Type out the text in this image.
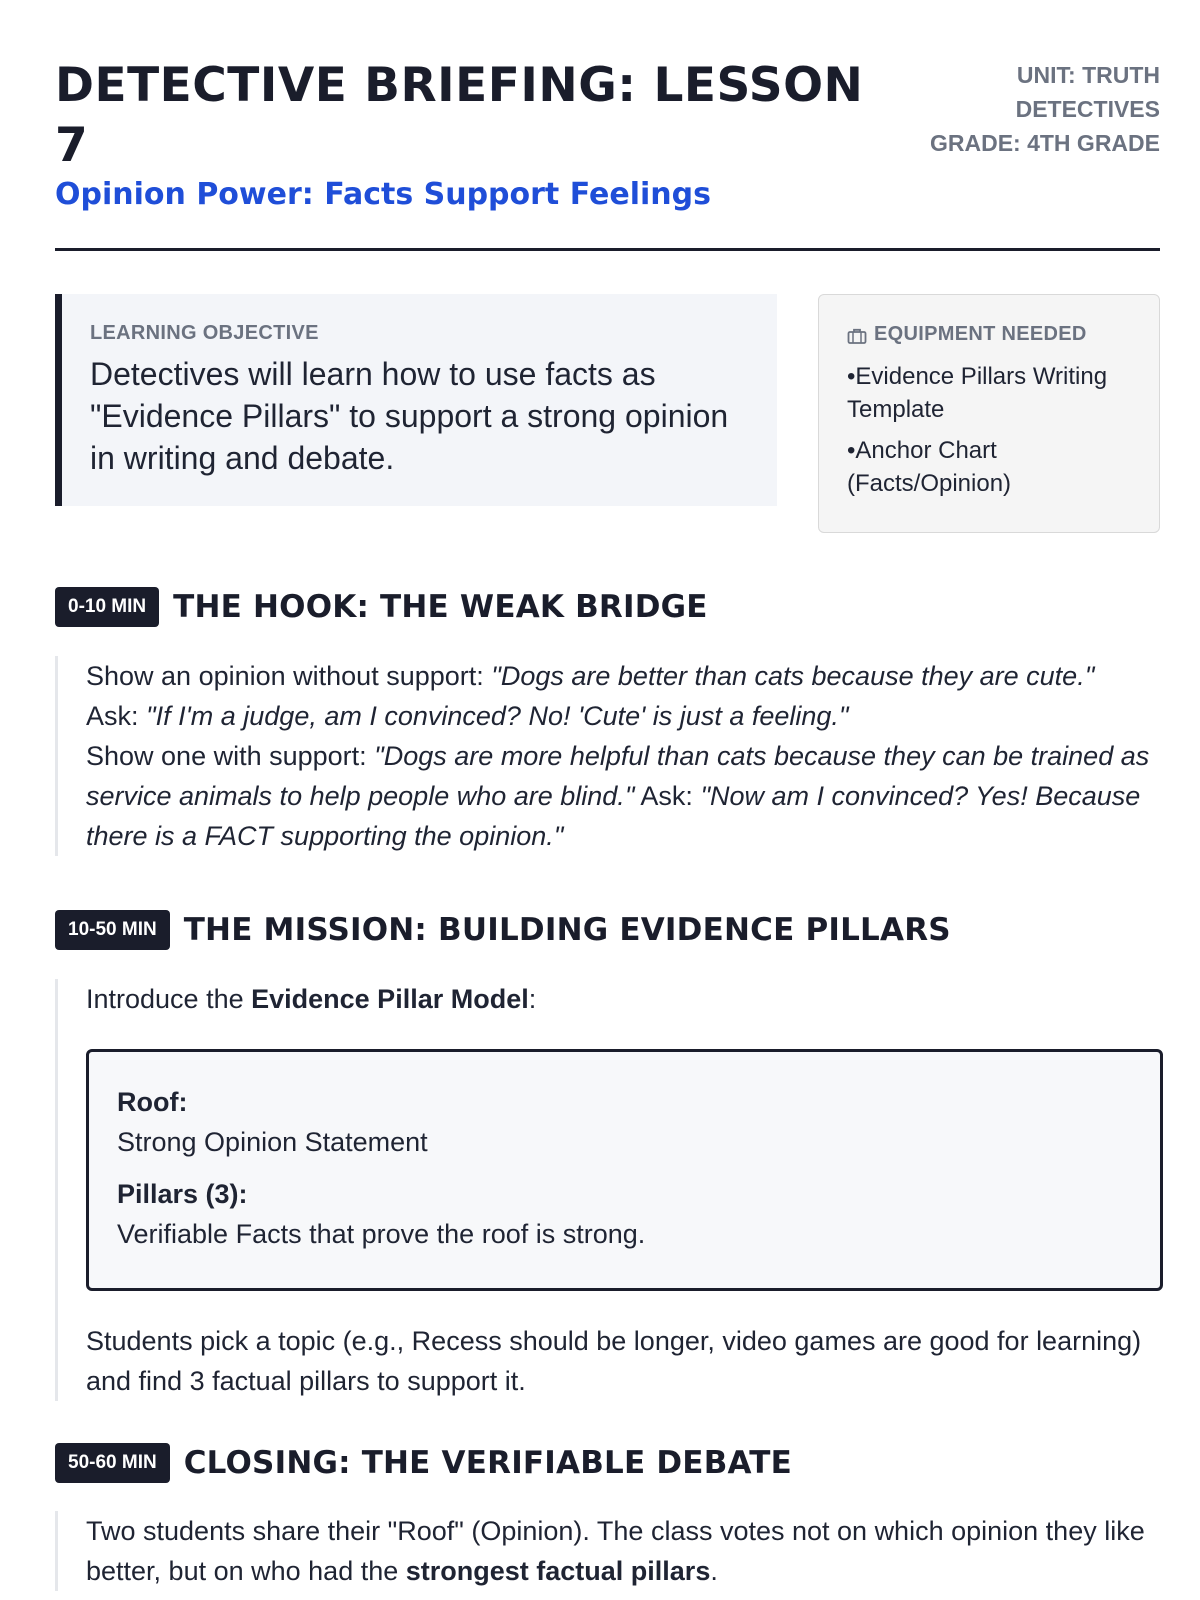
DETECTIVE BRIEFING: LESSON 7
Opinion Power: Facts Support Feelings
UNIT: TRUTH DETECTIVES
GRADE: 4TH GRADE
LEARNING OBJECTIVE
Detectives will learn how to use facts as "Evidence Pillars" to support a strong opinion in writing and debate.
EQUIPMENT NEEDED
• Evidence Pillars Writing Template
• Anchor Chart (Facts/Opinion)
0-10 MIN THE HOOK: THE WEAK BRIDGE

Show an opinion without support: "Dogs are better than cats because they are cute."

Ask: "If I'm a judge, am I convinced? No! 'Cute' is just a feeling."

Show one with support: "Dogs are more helpful than cats because they can be trained as service animals to help people who are blind." Ask: "Now am I convinced? Yes! Because there is a FACT supporting the opinion."

10-50 MIN THE MISSION: BUILDING EVIDENCE PILLARS

Introduce the Evidence Pillar Model:

Roof:
Strong Opinion Statement
Pillars (3):
Verifiable Facts that prove the roof is strong.

Students pick a topic (e.g., Recess should be longer, video games are good for learning) and find 3 factual pillars to support it.

50-60 MIN CLOSING: THE VERIFIABLE DEBATE

Two students share their "Roof" (Opinion). The class votes not on which opinion they like better, but on who had the strongest factual pillars.
